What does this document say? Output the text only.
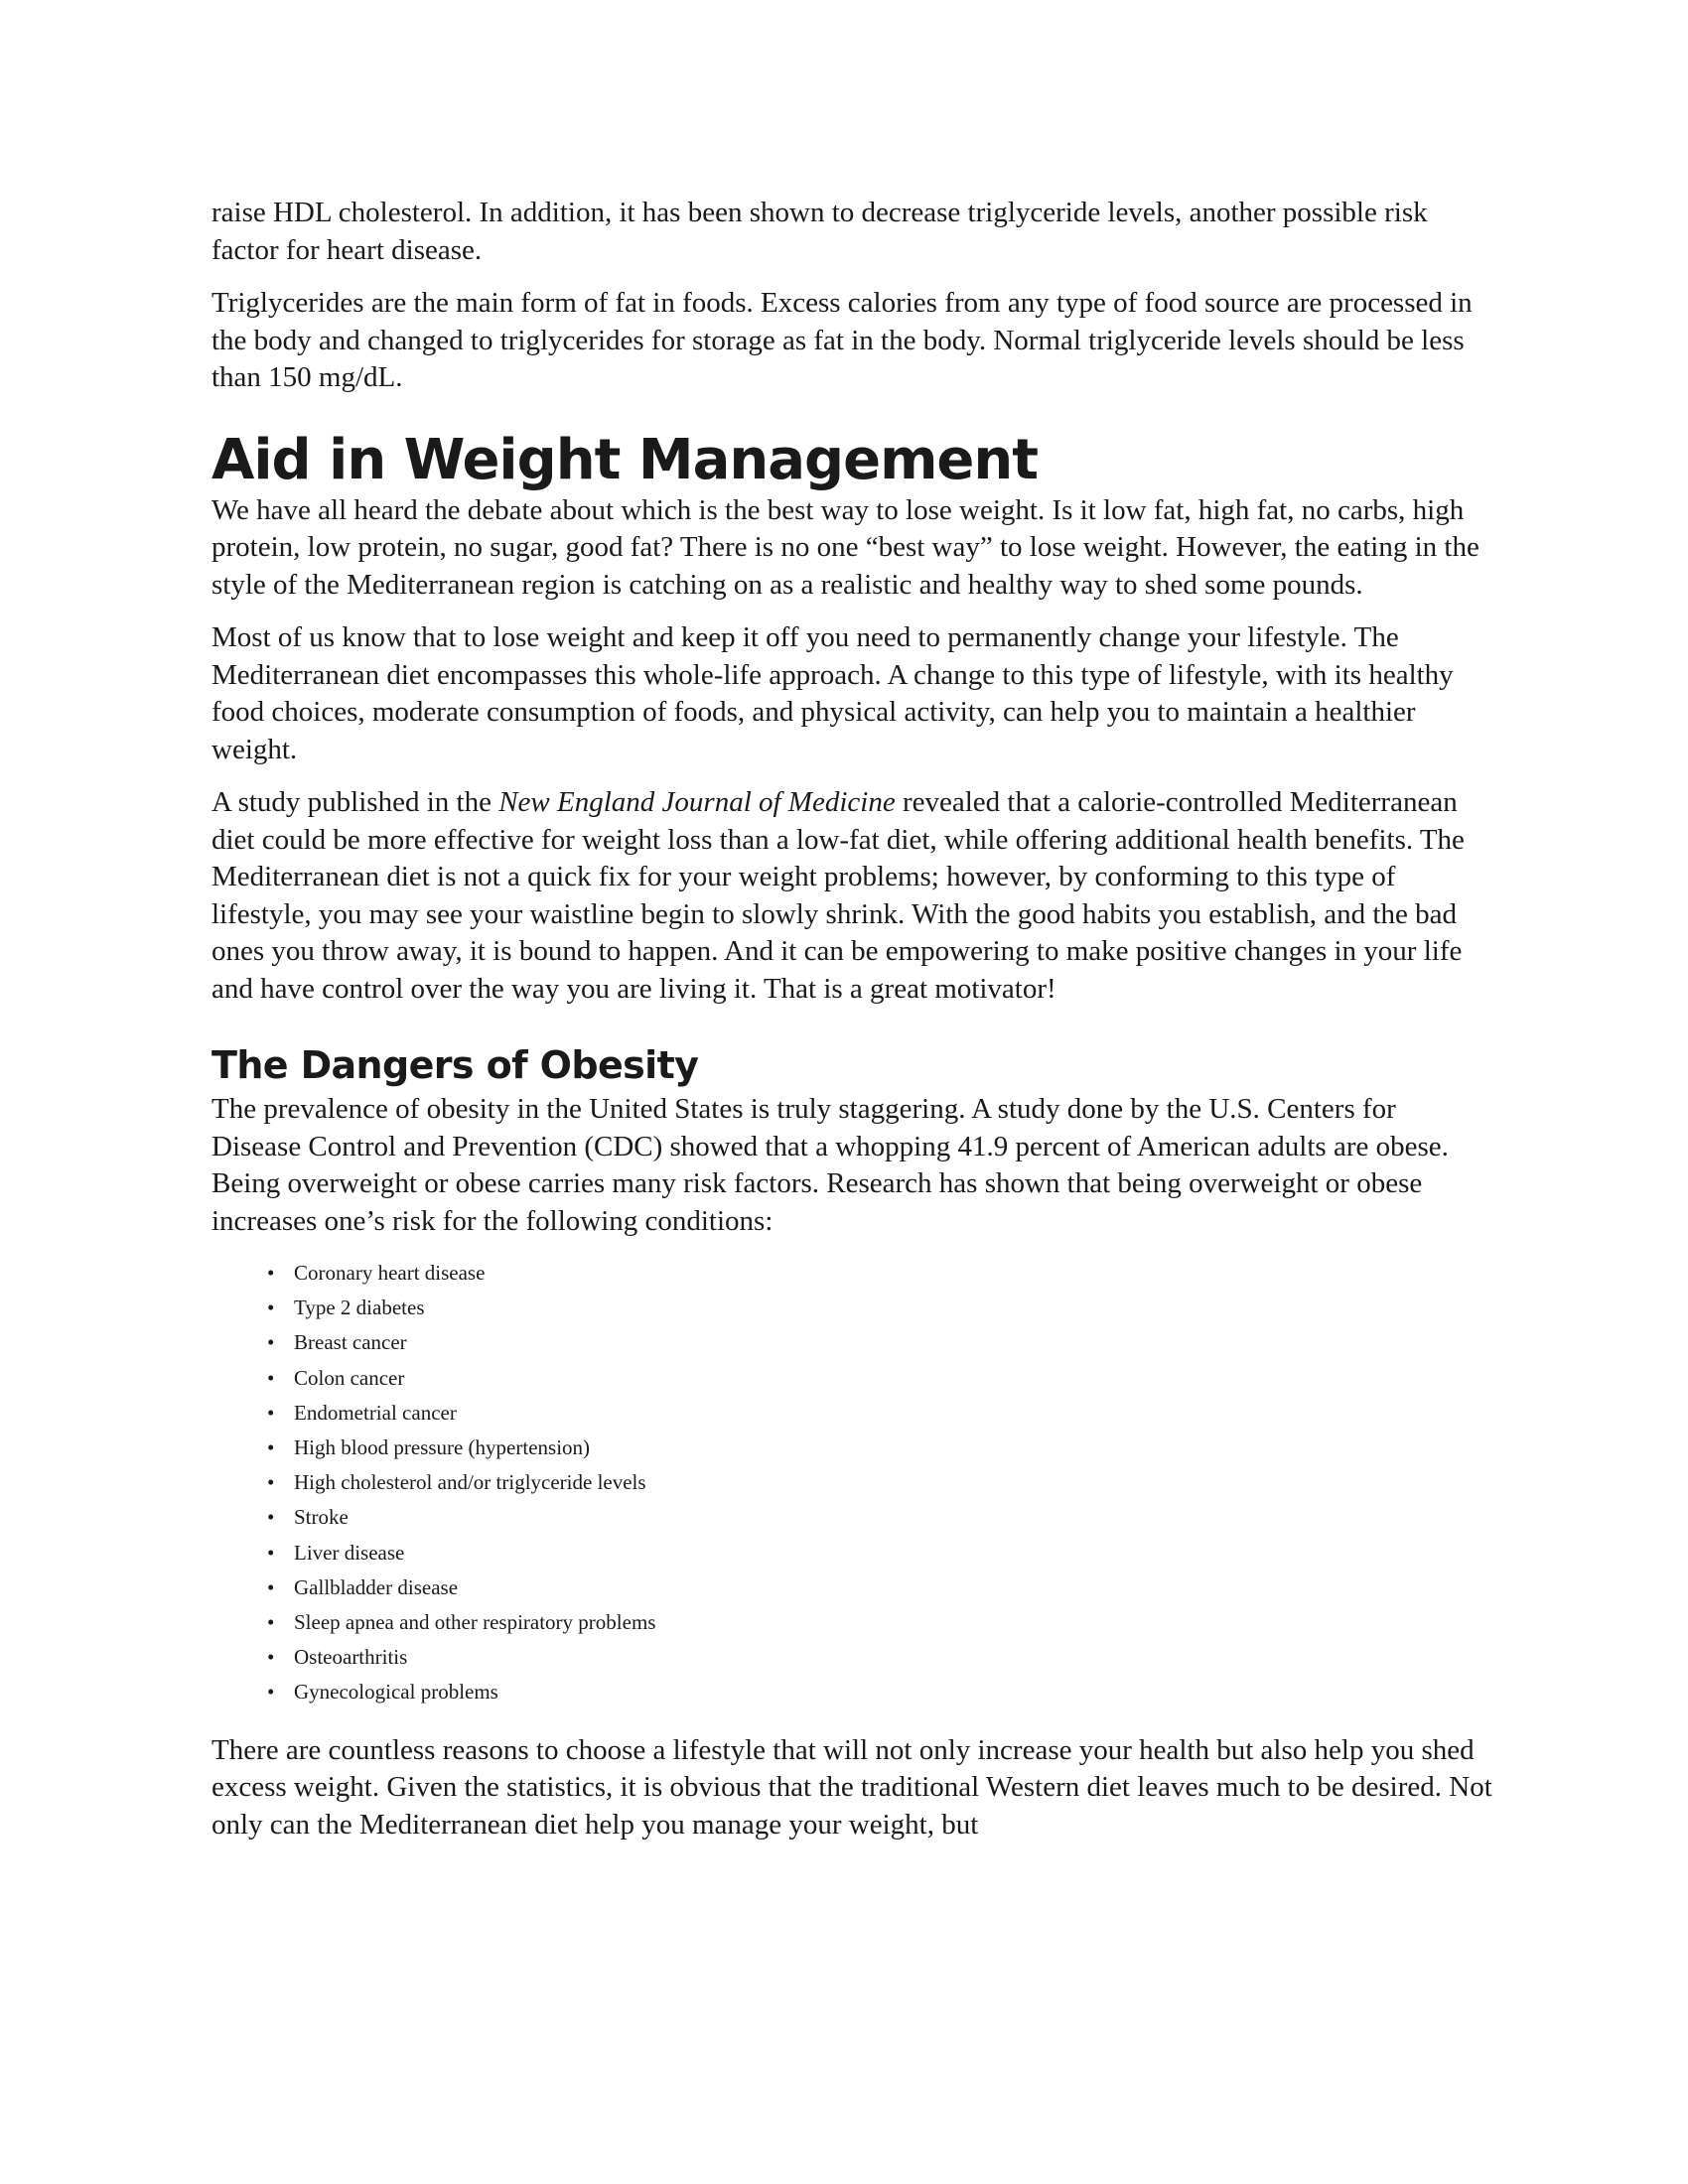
raise HDL cholesterol. In addition, it has been shown to decrease triglyceride levels, another possible risk factor for heart disease.

Triglycerides are the main form of fat in foods. Excess calories from any type of food source are processed in the body and changed to triglycerides for storage as fat in the body. Normal triglyceride levels should be less than 150 mg/dL.

Aid in Weight Management

We have all heard the debate about which is the best way to lose weight. Is it low fat, high fat, no carbs, high protein, low protein, no sugar, good fat? There is no one “best way” to lose weight. However, the eating in the style of the Mediterranean region is catching on as a realistic and healthy way to shed some pounds.

Most of us know that to lose weight and keep it off you need to permanently change your lifestyle. The Mediterranean diet encompasses this whole-life approach. A change to this type of lifestyle, with its healthy food choices, moderate consumption of foods, and physical activity, can help you to maintain a healthier weight.

A study published in the New England Journal of Medicine revealed that a calorie-controlled Mediterranean diet could be more effective for weight loss than a low-fat diet, while offering additional health benefits. The Mediterranean diet is not a quick fix for your weight problems; however, by conforming to this type of lifestyle, you may see your waistline begin to slowly shrink. With the good habits you establish, and the bad ones you throw away, it is bound to happen. And it can be empowering to make positive changes in your life and have control over the way you are living it. That is a great motivator!

The Dangers of Obesity

The prevalence of obesity in the United States is truly staggering. A study done by the U.S. Centers for Disease Control and Prevention (CDC) showed that a whopping 41.9 percent of American adults are obese. Being overweight or obese carries many risk factors. Research has shown that being overweight or obese increases one’s risk for the following conditions:

• Coronary heart disease
• Type 2 diabetes
• Breast cancer
• Colon cancer
• Endometrial cancer
• High blood pressure (hypertension)
• High cholesterol and/or triglyceride levels
• Stroke
• Liver disease
• Gallbladder disease
• Sleep apnea and other respiratory problems
• Osteoarthritis
• Gynecological problems

There are countless reasons to choose a lifestyle that will not only increase your health but also help you shed excess weight. Given the statistics, it is obvious that the traditional Western diet leaves much to be desired. Not only can the Mediterranean diet help you manage your weight, but
